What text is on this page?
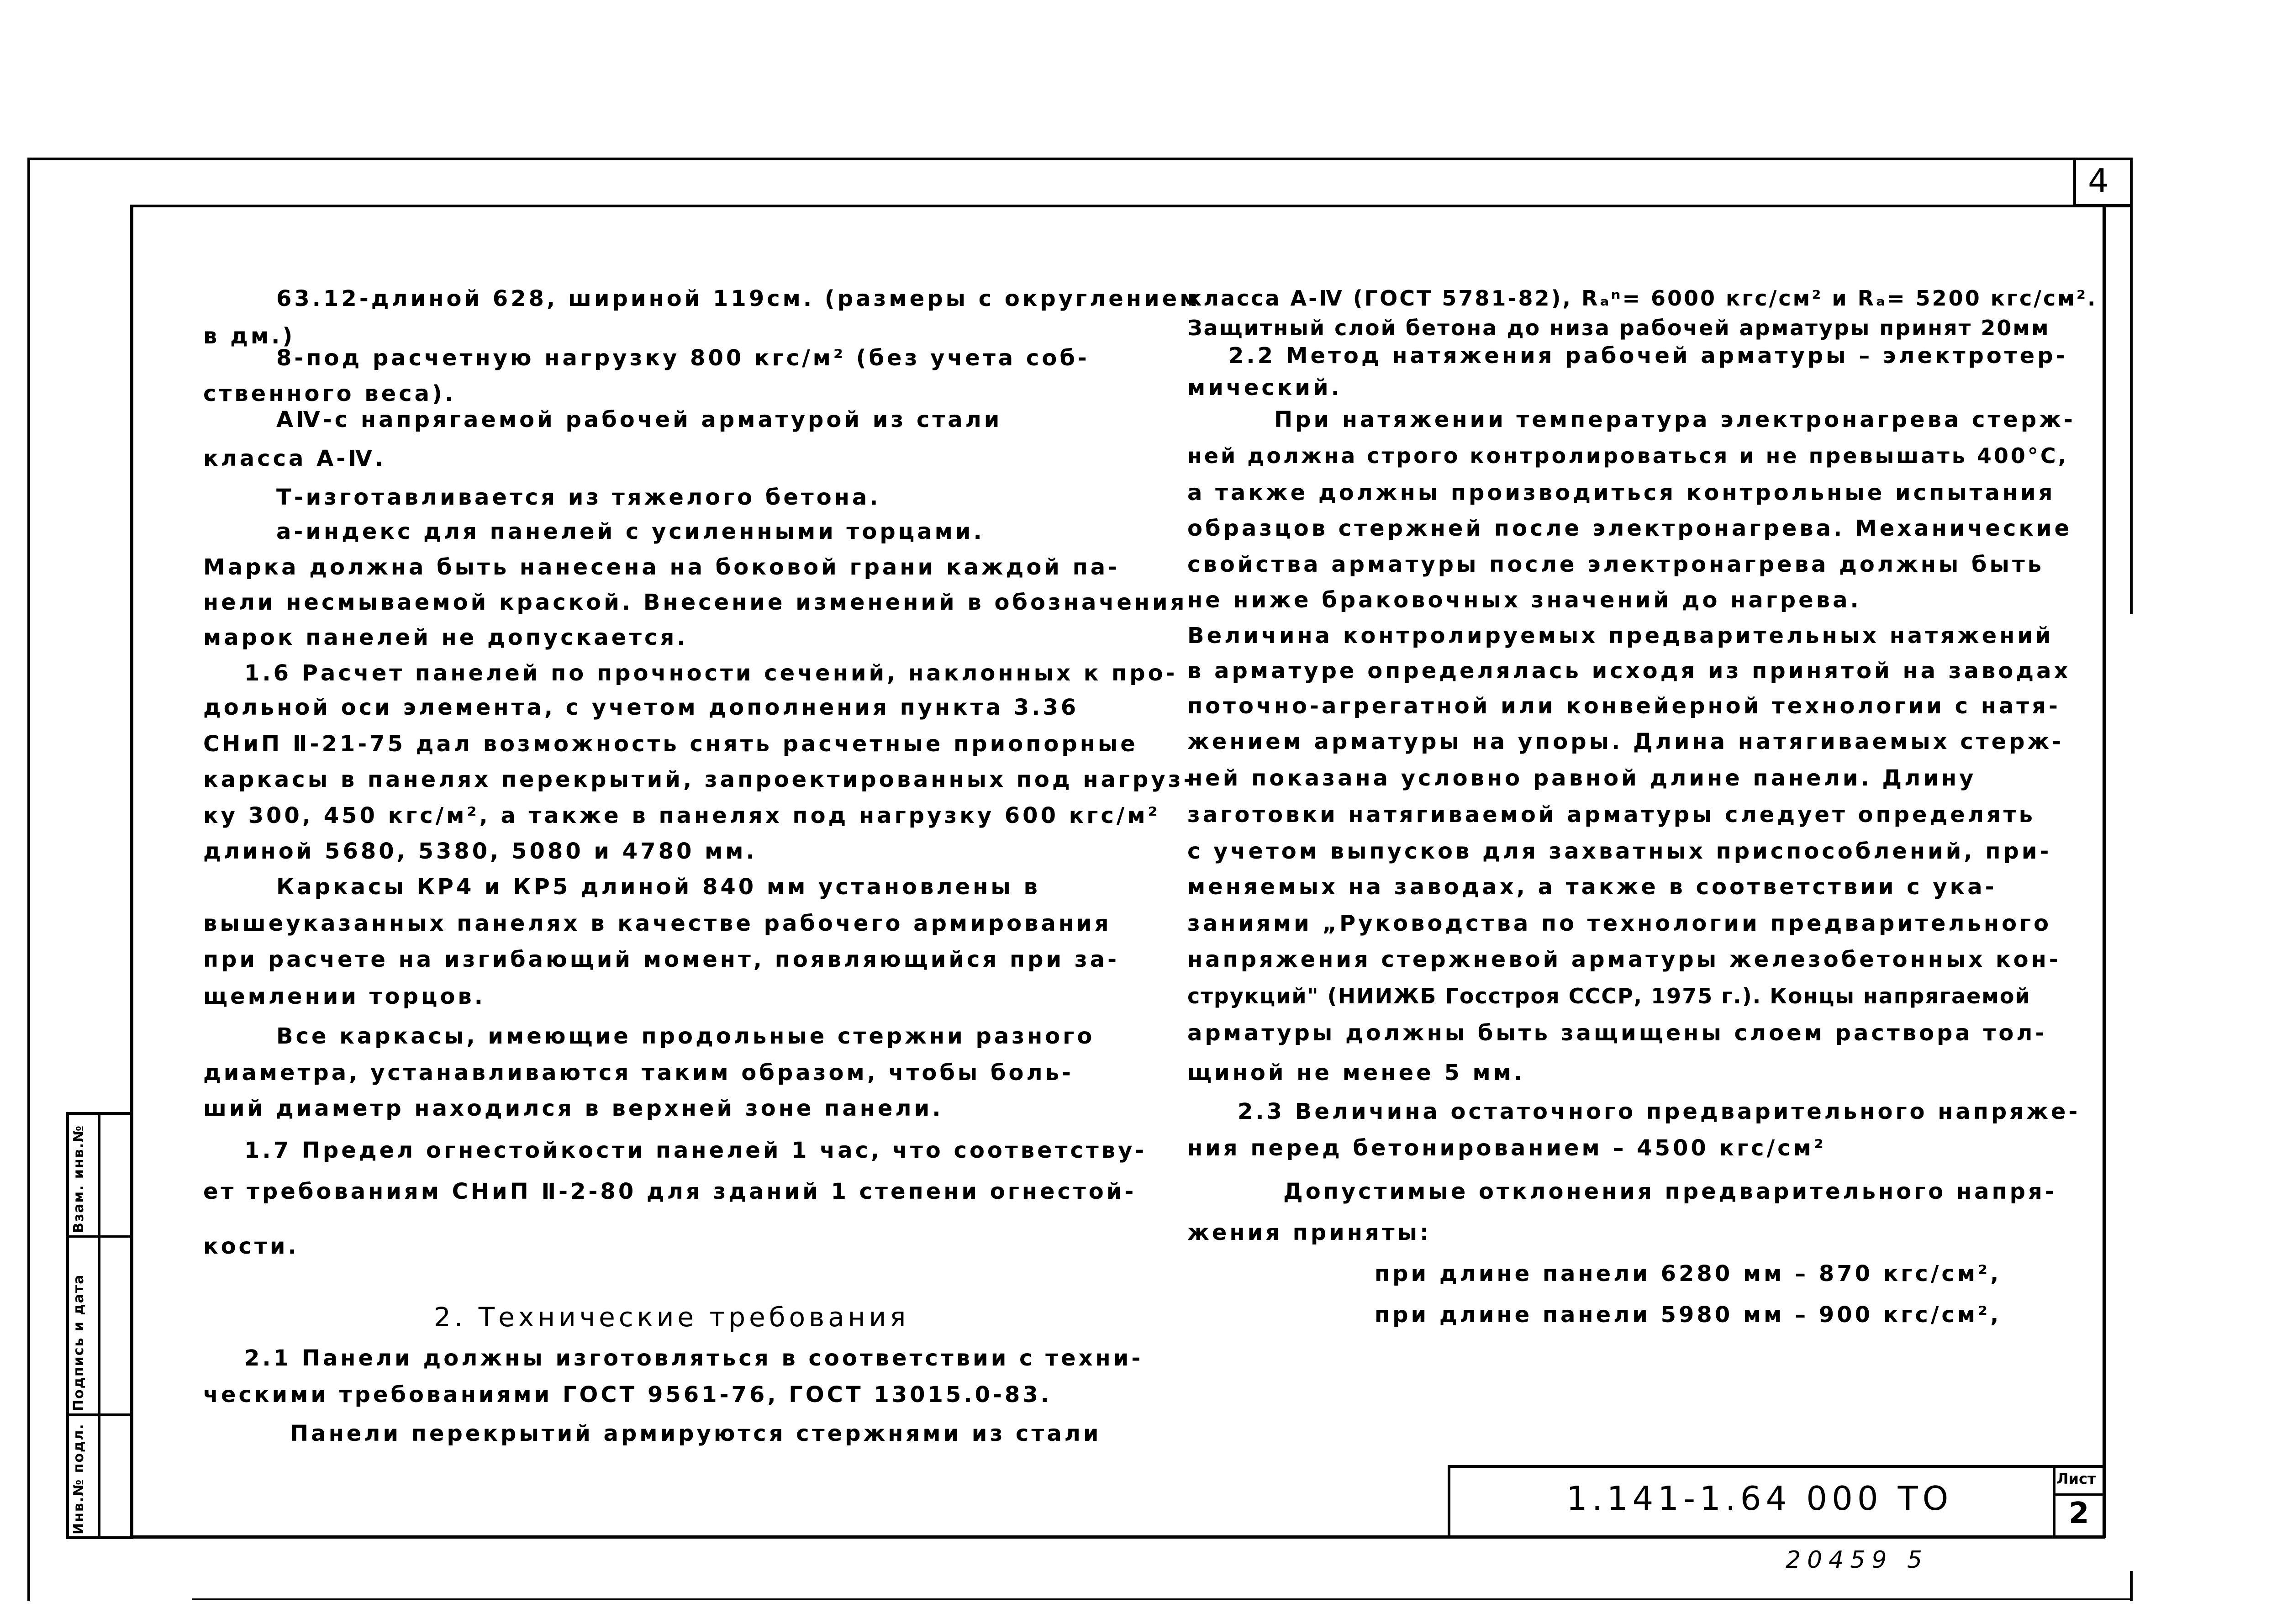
4
Инв.№ подл.
Подпись и дата
Взам. инв.№
63.12-длиной 628, шириной 119см. (размеры с округлением
в дм.)
8-под расчетную нагрузку 800 кгс/м² (без учета соб-
ственного веса).
АⅣ-с напрягаемой рабочей арматурой из стали
класса А-Ⅳ.
Т-изготавливается из тяжелого бетона.
а-индекс для панелей с усиленными торцами.
Марка должна быть нанесена на боковой грани каждой па-
нели несмываемой краской. Внесение изменений в обозначения
марок панелей не допускается.
1.6 Расчет панелей по прочности сечений, наклонных к про-
дольной оси элемента, с учетом дополнения пункта 3.36
СНиП Ⅱ-21-75 дал возможность снять расчетные приопорные
каркасы в панелях перекрытий, запроектированных под нагруз-
ку 300, 450 кгс/м², а также в панелях под нагрузку 600 кгс/м²
длиной 5680, 5380, 5080 и 4780 мм.
Каркасы КР4 и КР5 длиной 840 мм установлены в
вышеуказанных панелях в качестве рабочего армирования
при расчете на изгибающий момент, появляющийся при за-
щемлении торцов.
Все каркасы, имеющие продольные стержни разного
диаметра, устанавливаются таким образом, чтобы боль-
ший диаметр находился в верхней зоне панели.
1.7 Предел огнестойкости панелей 1 час, что соответству-
ет требованиям СНиП Ⅱ-2-80 для зданий 1 степени огнестой-
кости.
2. Технические требования
2.1 Панели должны изготовляться в соответствии с техни-
ческими требованиями ГОСТ 9561-76, ГОСТ 13015.0-83.
Панели перекрытий армируются стержнями из стали
класса А-Ⅳ (ГОСТ 5781-82), Rₐⁿ= 6000 кгс/см² и Rₐ= 5200 кгс/см².
Защитный слой бетона до низа рабочей арматуры принят 20мм
2.2 Метод натяжения рабочей арматуры – электротер-
мический.
При натяжении температура электронагрева стерж-
ней должна строго контролироваться и не превышать 400°С,
а также должны производиться контрольные испытания
образцов стержней после электронагрева. Механические
свойства арматуры после электронагрева должны быть
не ниже браковочных значений до нагрева.
Величина контролируемых предварительных натяжений
в арматуре определялась исходя из принятой на заводах
поточно-агрегатной или конвейерной технологии с натя-
жением арматуры на упоры. Длина натягиваемых стерж-
ней показана условно равной длине панели. Длину
заготовки натягиваемой арматуры следует определять
с учетом выпусков для захватных приспособлений, при-
меняемых на заводах, а также в соответствии с ука-
заниями „Руководства по технологии предварительного
напряжения стержневой арматуры железобетонных кон-
струкций" (НИИЖБ Госстроя СССР, 1975 г.). Концы напрягаемой
арматуры должны быть защищены слоем раствора тол-
щиной не менее 5 мм.
2.3 Величина остаточного предварительного напряже-
ния перед бетонированием – 4500 кгс/см²
Допустимые отклонения предварительного напря-
жения приняты:
при длине панели 6280 мм – 870 кгс/см²,
при длине панели 5980 мм – 900 кгс/см²,
Лист
2
1.141-1.64 000 ТО
20459 5
